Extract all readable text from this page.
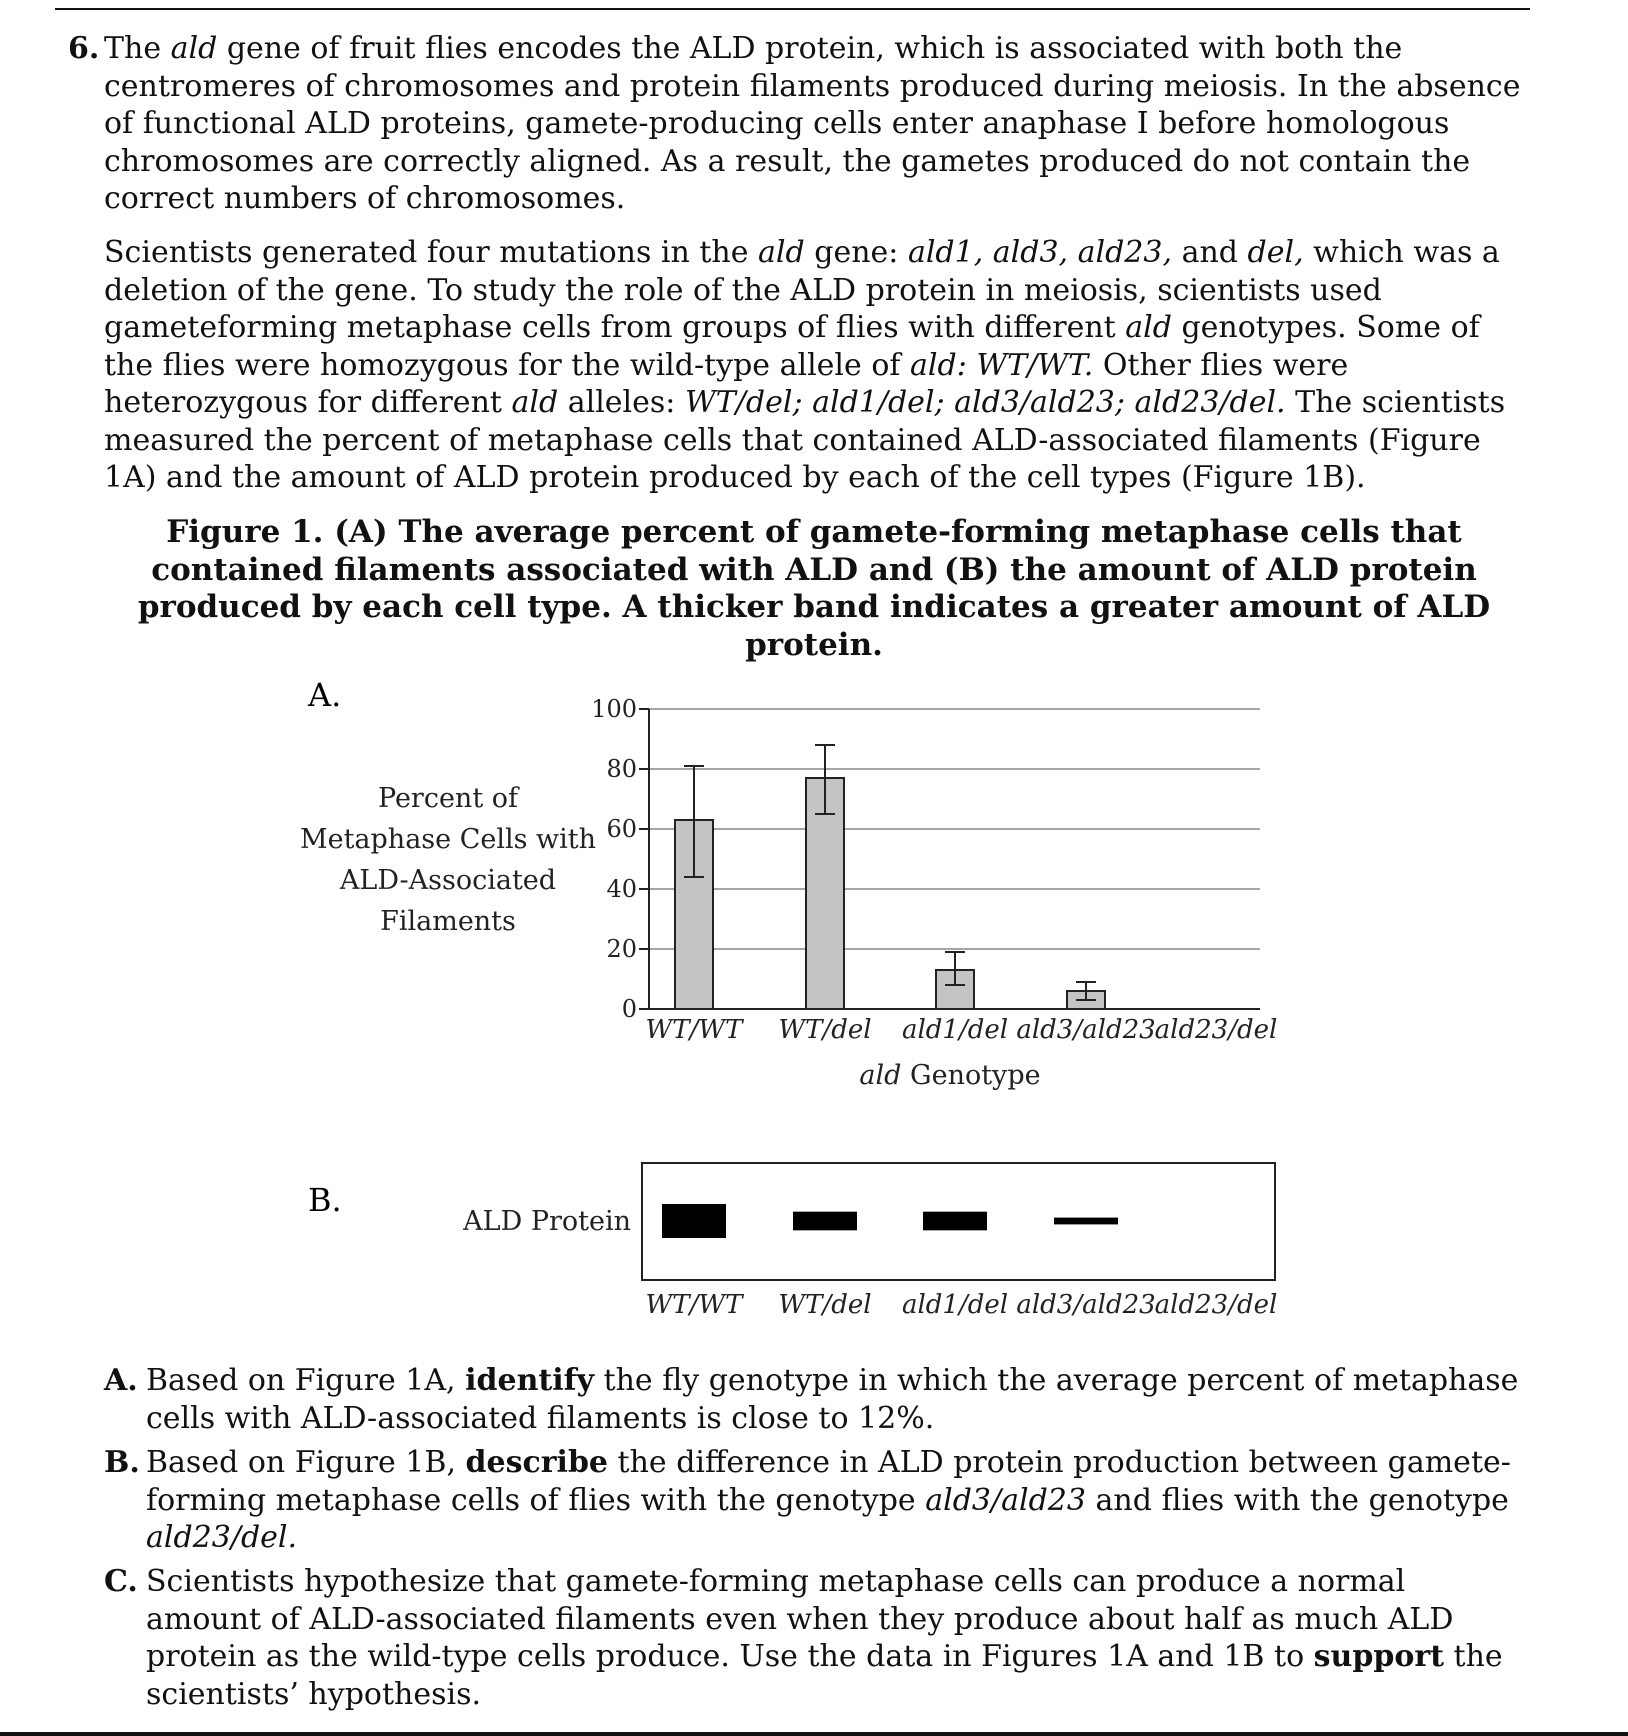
6. The ald gene of fruit flies encodes the ALD protein, which is associated with both the centromeres of chromosomes and protein filaments produced during meiosis. In the absence of functional ALD proteins, gamete-producing cells enter anaphase I before homologous chromosomes are correctly aligned. As a result, the gametes produced do not contain the correct numbers of chromosomes.

Scientists generated four mutations in the ald gene: ald1, ald3, ald23, and del, which was a deletion of the gene. To study the role of the ALD protein in meiosis, scientists used gameteforming metaphase cells from groups of flies with different ald genotypes. Some of the flies were homozygous for the wild-type allele of ald: WT/WT. Other flies were heterozygous for different ald alleles: WT/del; ald1/del; ald3/ald23; ald23/del. The scientists measured the percent of metaphase cells that contained ALD-associated filaments (Figure 1A) and the amount of ALD protein produced by each of the cell types (Figure 1B).

Figure 1. (A) The average percent of gamete-forming metaphase cells that contained filaments associated with ALD and (B) the amount of ALD protein produced by each cell type. A thicker band indicates a greater amount of ALD protein.

A.
Percent of
Metaphase Cells with
ALD-Associated
Filaments
0
20
40
60
80
100
WT/WT WT/del ald1/del ald3/ald23 ald23/del
ald Genotype
B.
ALD Protein
WT/WT WT/del ald1/del ald3/ald23 ald23/del
A. Based on Figure 1A, identify the fly genotype in which the average percent of metaphase cells with ALD-associated filaments is close to 12%.

B. Based on Figure 1B, describe the difference in ALD protein production between gamete-forming metaphase cells of flies with the genotype ald3/ald23 and flies with the genotype ald23/del.

C. Scientists hypothesize that gamete-forming metaphase cells can produce a normal amount of ALD-associated filaments even when they produce about half as much ALD protein as the wild-type cells produce. Use the data in Figures 1A and 1B to support the scientists’ hypothesis.
